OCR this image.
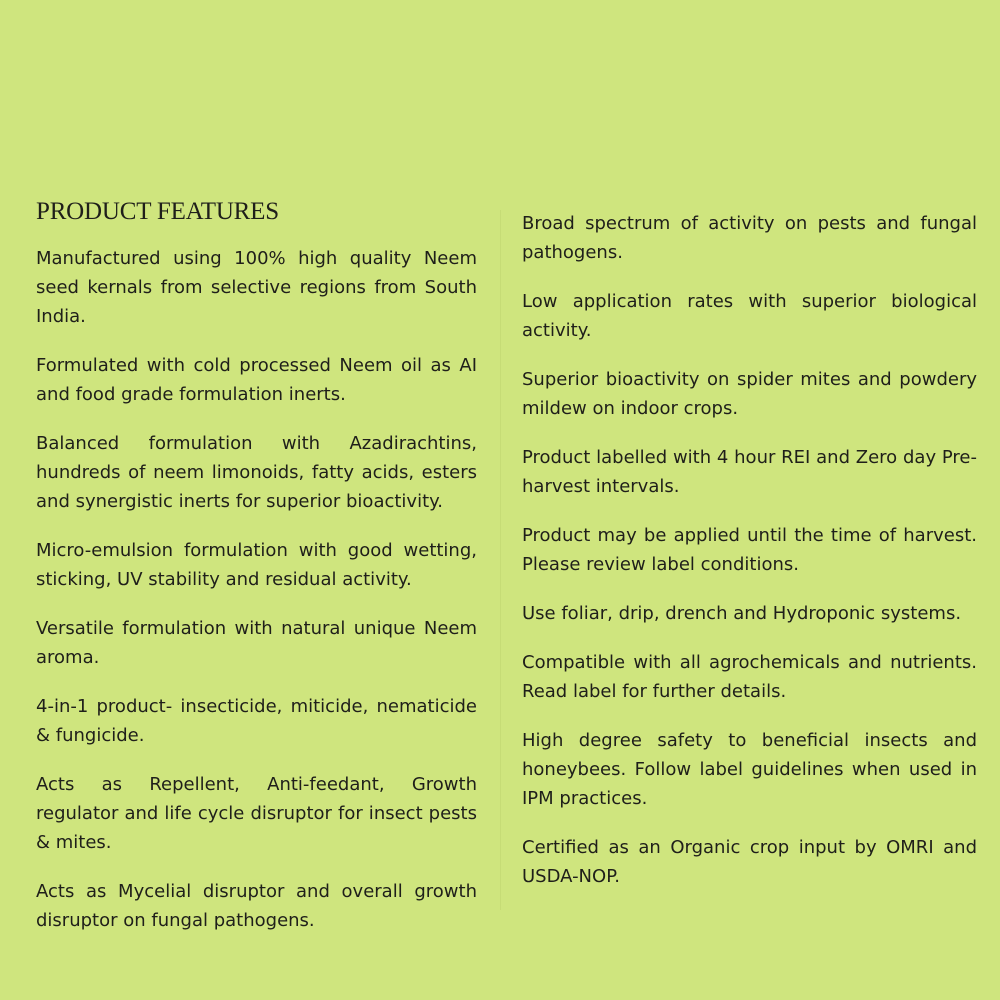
PRODUCT FEATURES
Manufactured using 100% high quality Neem seed kernals from selective regions from South India.
Formulated with cold processed Neem oil as AI and food grade formulation inerts.
Balanced formulation with Azadirachtins, hundreds of neem limonoids, fatty acids, esters and synergistic inerts for superior bioactivity.
Micro-emulsion formulation with good wetting, sticking, UV stability and residual activity.
Versatile formulation with natural unique Neem aroma.
4-in-1 product- insecticide, miticide, nematicide & fungicide.
Acts as Repellent, Anti-feedant, Growth regulator and life cycle disruptor for insect pests & mites.
Acts as Mycelial disruptor and overall growth disruptor on fungal pathogens.
Broad spectrum of activity on pests and fungal pathogens.
Low application rates with superior biological activity.
Superior bioactivity on spider mites and powdery mildew on indoor crops.
Product labelled with 4 hour REI and Zero day Pre-harvest intervals.
Product may be applied until the time of harvest. Please review label conditions.
Use foliar, drip, drench and Hydroponic systems.
Compatible with all agrochemicals and nutrients. Read label for further details.
High degree safety to beneficial insects and honeybees. Follow label guidelines when used in IPM practices.
Certified as an Organic crop input by OMRI and USDA-NOP.
